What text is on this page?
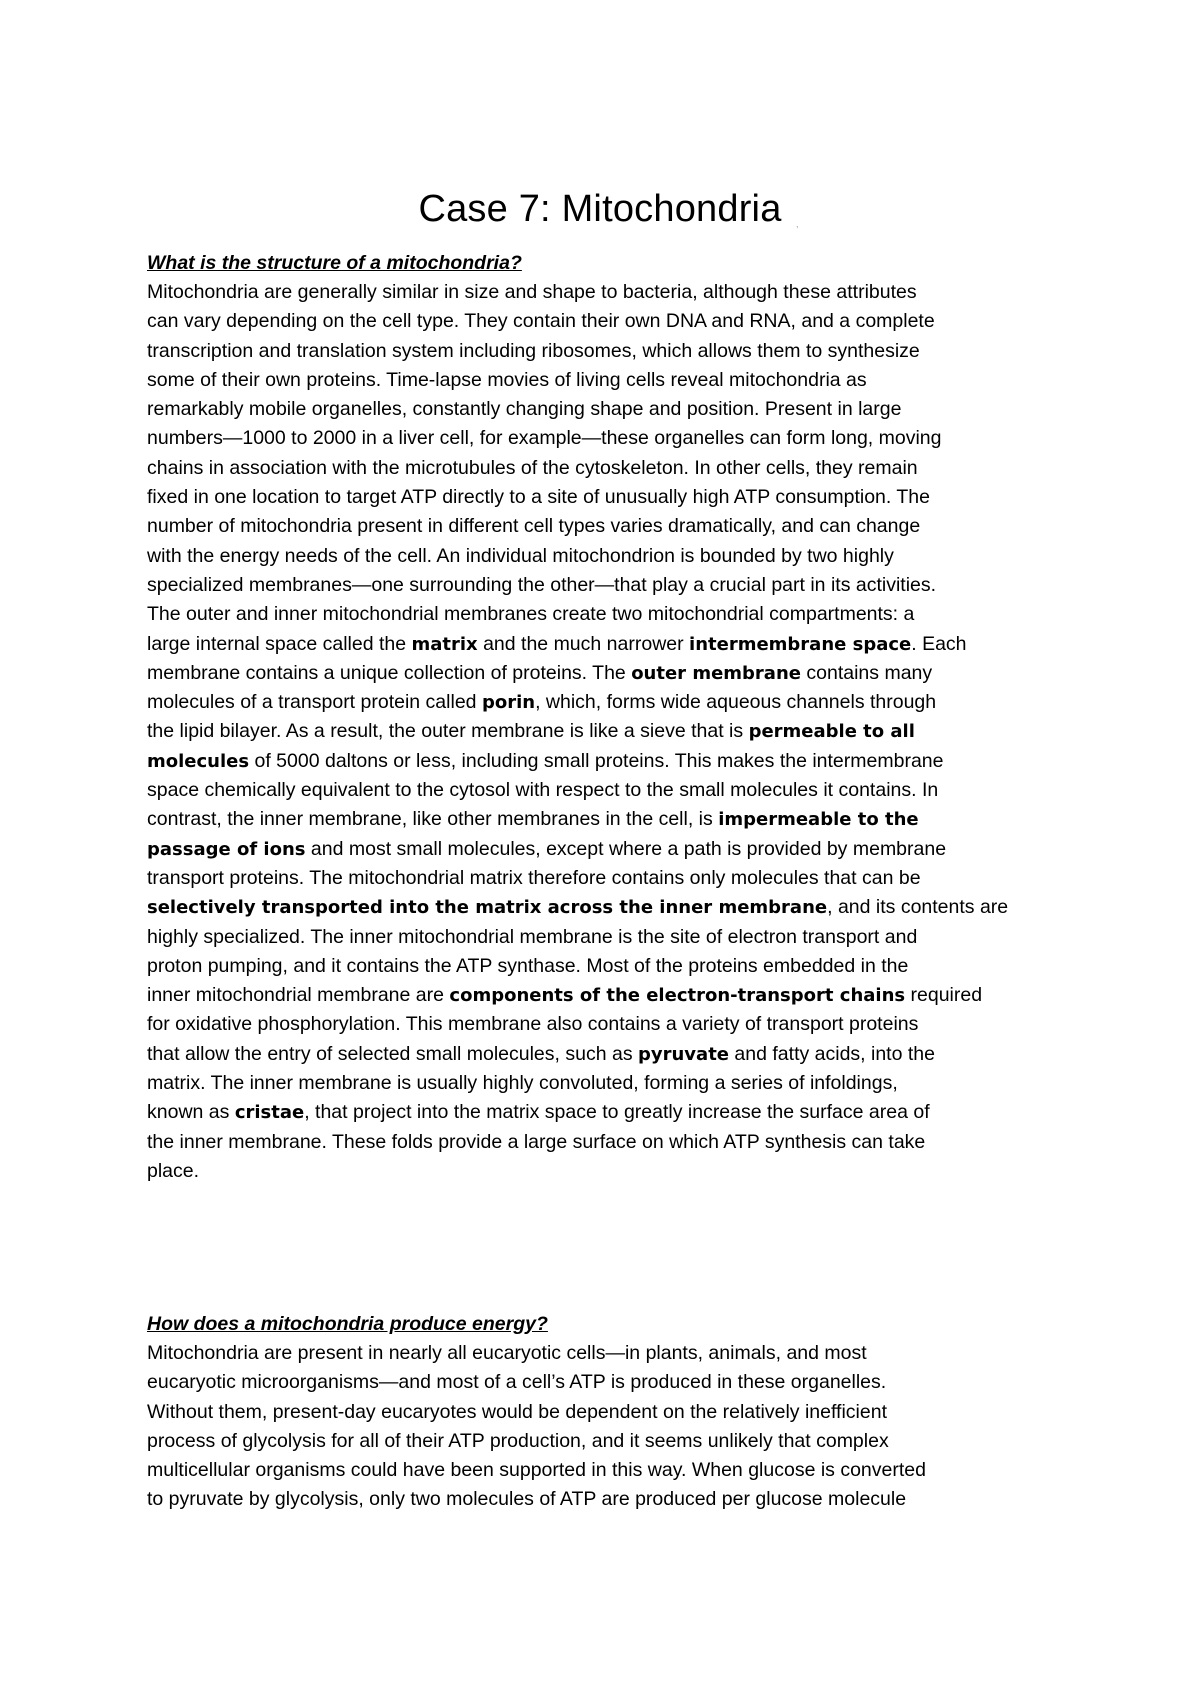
Case 7: Mitochondria	,
What is the structure of a mitochondria?
Mitochondria are generally similar in size and shape to bacteria, although these attributes
can vary depending on the cell type. They contain their own DNA and RNA, and a complete
transcription and translation system including ribosomes, which allows them to synthesize
some of their own proteins. Time-lapse movies of living cells reveal mitochondria as
remarkably mobile organelles, constantly changing shape and position. Present in large
numbers—1000 to 2000 in a liver cell, for example—these organelles can form long, moving
chains in association with the microtubules of the cytoskeleton. In other cells, they remain
fixed in one location to target ATP directly to a site of unusually high ATP consumption. The
number of mitochondria present in different cell types varies dramatically, and can change
with the energy needs of the cell. An individual mitochondrion is bounded by two highly
specialized membranes—one surrounding the other—that play a crucial part in its activities.
The outer and inner mitochondrial membranes create two mitochondrial compartments: a
large internal space called the matrix and the much narrower intermembrane space. Each
membrane contains a unique collection of proteins. The outer membrane contains many
molecules of a transport protein called porin, which, forms wide aqueous channels through
the lipid bilayer. As a result, the outer membrane is like a sieve that is permeable to all
molecules of 5000 daltons or less, including small proteins. This makes the intermembrane
space chemically equivalent to the cytosol with respect to the small molecules it contains. In
contrast, the inner membrane, like other membranes in the cell, is impermeable to the
passage of ions and most small molecules, except where a path is provided by membrane
transport proteins. The mitochondrial matrix therefore contains only molecules that can be
selectively transported into the matrix across the inner membrane, and its contents are
highly specialized. The inner mitochondrial membrane is the site of electron transport and
proton pumping, and it contains the ATP synthase. Most of the proteins embedded in the
inner mitochondrial membrane are components of the electron-transport chains required
for oxidative phosphorylation. This membrane also contains a variety of transport proteins
that allow the entry of selected small molecules, such as pyruvate and fatty acids, into the
matrix. The inner membrane is usually highly convoluted, forming a series of infoldings,
known as cristae, that project into the matrix space to greatly increase the surface area of
the inner membrane. These folds provide a large surface on which ATP synthesis can take
place.
How does a mitochondria produce energy?
Mitochondria are present in nearly all eucaryotic cells—in plants, animals, and most
eucaryotic microorganisms—and most of a cell’s ATP is produced in these organelles.
Without them, present-day eucaryotes would be dependent on the relatively inefficient
process of glycolysis for all of their ATP production, and it seems unlikely that complex
multicellular organisms could have been supported in this way. When glucose is converted
to pyruvate by glycolysis, only two molecules of ATP are produced per glucose molecule
